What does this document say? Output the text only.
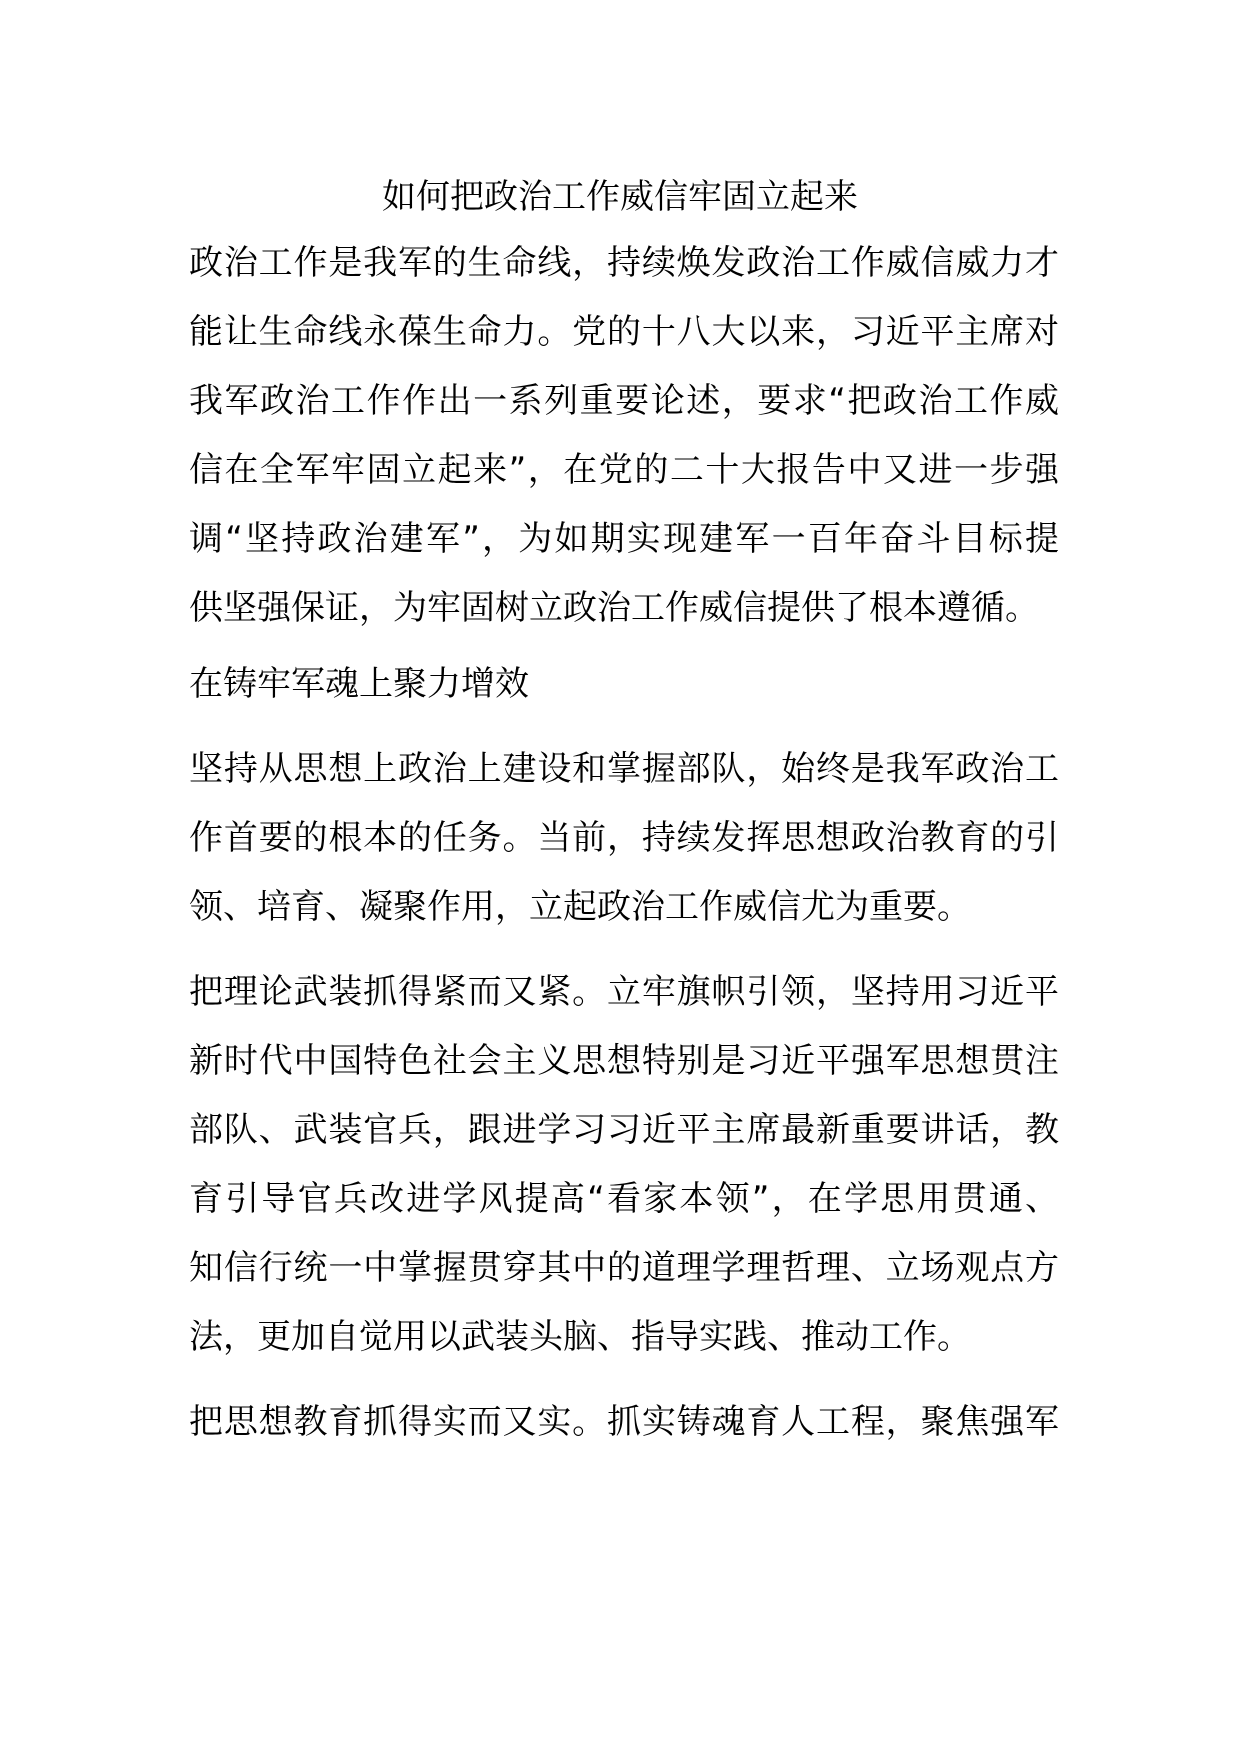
如何把政治工作威信牢固立起来
政治工作是我军的生命线，持续焕发政治工作威信威力才
能让生命线永葆生命力。党的十八大以来，习近平主席对
我军政治工作作出一系列重要论述，要求“把政治工作威
信在全军牢固立起来”，在党的二十大报告中又进一步强
调“坚持政治建军”，为如期实现建军一百年奋斗目标提
供坚强保证，为牢固树立政治工作威信提供了根本遵循。
在铸牢军魂上聚力增效
坚持从思想上政治上建设和掌握部队，始终是我军政治工
作首要的根本的任务。当前，持续发挥思想政治教育的引
领、培育、凝聚作用，立起政治工作威信尤为重要。
把理论武装抓得紧而又紧。立牢旗帜引领，坚持用习近平
新时代中国特色社会主义思想特别是习近平强军思想贯注
部队、武装官兵，跟进学习习近平主席最新重要讲话，教
育引导官兵改进学风提高“看家本领”，在学思用贯通、
知信行统一中掌握贯穿其中的道理学理哲理、立场观点方
法，更加自觉用以武装头脑、指导实践、推动工作。
把思想教育抓得实而又实。抓实铸魂育人工程，聚焦强军
